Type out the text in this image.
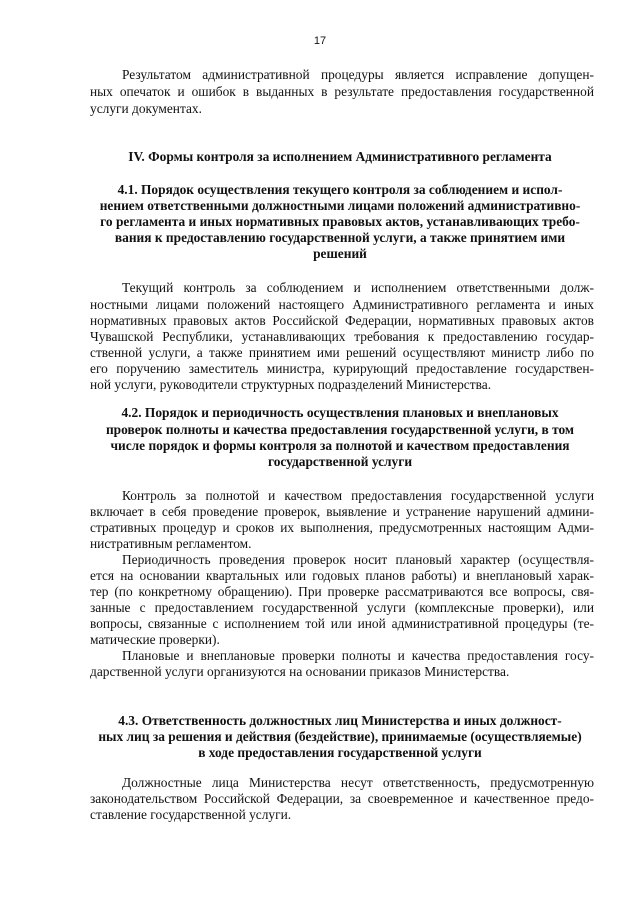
17
Результатом административной процедуры является исправление допущен-
ных опечаток и ошибок в выданных в результате предоставления государственной
услуги документах.
IV. Формы контроля за исполнением Административного регламента
4.1. Порядок осуществления текущего контроля за соблюдением и испол-
нением ответственными должностными лицами положений административно-
го регламента и иных нормативных правовых актов, устанавливающих требо-
вания к предоставлению государственной услуги, а также принятием ими
решений
Текущий контроль за соблюдением и исполнением ответственными долж-
ностными лицами положений настоящего Административного регламента и иных
нормативных правовых актов Российской Федерации, нормативных правовых актов
Чувашской Республики, устанавливающих требования к предоставлению государ-
ственной услуги, а также принятием ими решений осуществляют министр либо по
его поручению заместитель министра, курирующий предоставление государствен-
ной услуги, руководители структурных подразделений Министерства.
4.2. Порядок и периодичность осуществления плановых и внеплановых
проверок полноты и качества предоставления государственной услуги, в том
числе порядок и формы контроля за полнотой и качеством предоставления
государственной услуги
Контроль за полнотой и качеством предоставления государственной услуги
включает в себя проведение проверок, выявление и устранение нарушений админи-
стративных процедур и сроков их выполнения, предусмотренных настоящим Адми-
нистративным регламентом.
Периодичность проведения проверок носит плановый характер (осуществля-
ется на основании квартальных или годовых планов работы) и внеплановый харак-
тер (по конкретному обращению). При проверке рассматриваются все вопросы, свя-
занные с предоставлением государственной услуги (комплексные проверки), или
вопросы, связанные с исполнением той или иной административной процедуры (те-
матические проверки).
Плановые и внеплановые проверки полноты и качества предоставления госу-
дарственной услуги организуются на основании приказов Министерства.
4.3. Ответственность должностных лиц Министерства и иных должност-
ных лиц за решения и действия (бездействие), принимаемые (осуществляемые)
в ходе предоставления государственной услуги
Должностные лица Министерства несут ответственность, предусмотренную
законодательством Российской Федерации, за своевременное и качественное предо-
ставление государственной услуги.
